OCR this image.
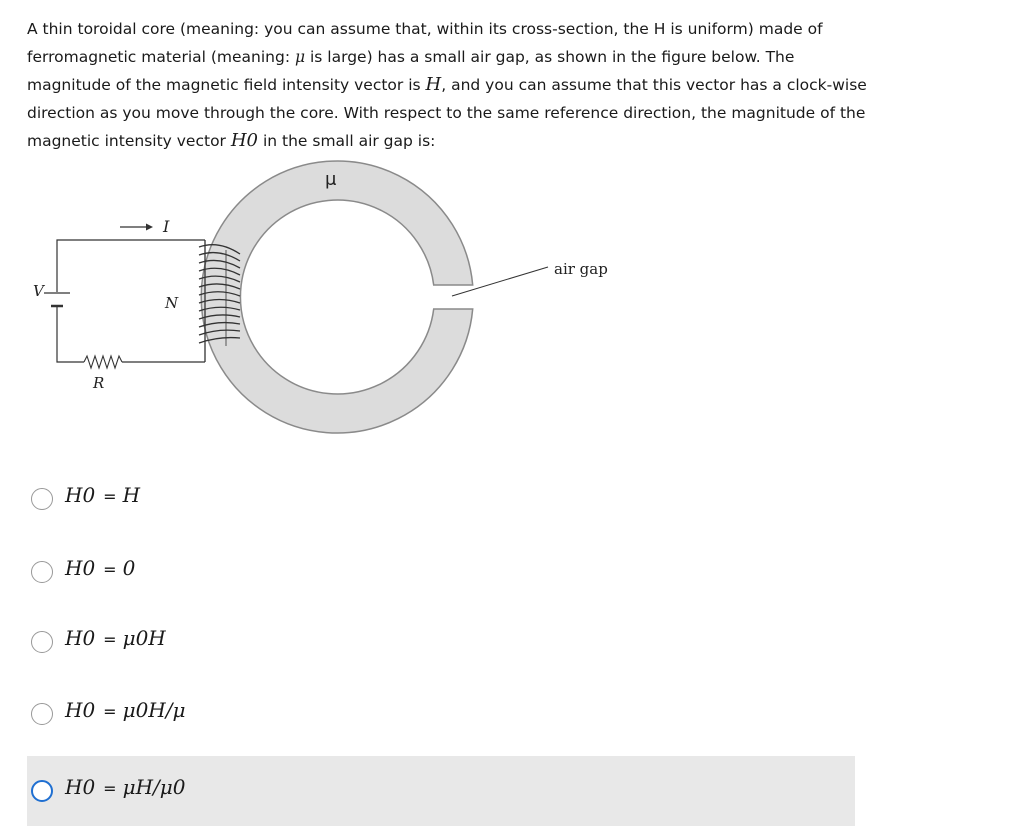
A thin toroidal core (meaning: you can assume that, within its cross-section, the H is uniform) made of
ferromagnetic material (meaning: μ is large) has a small air gap, as shown in the figure below. The
magnitude of the magnetic field intensity vector is H, and you can assume that this vector has a clock-wise
direction as you move through the core. With respect to the same reference direction, the magnitude of the
magnetic intensity vector H0 in the small air gap is:
μ
I
V
N
R
air gap
H0 = H
H0 = 0
H0 = μ0H
H0 = μ0H/μ
H0 = μH/μ0
